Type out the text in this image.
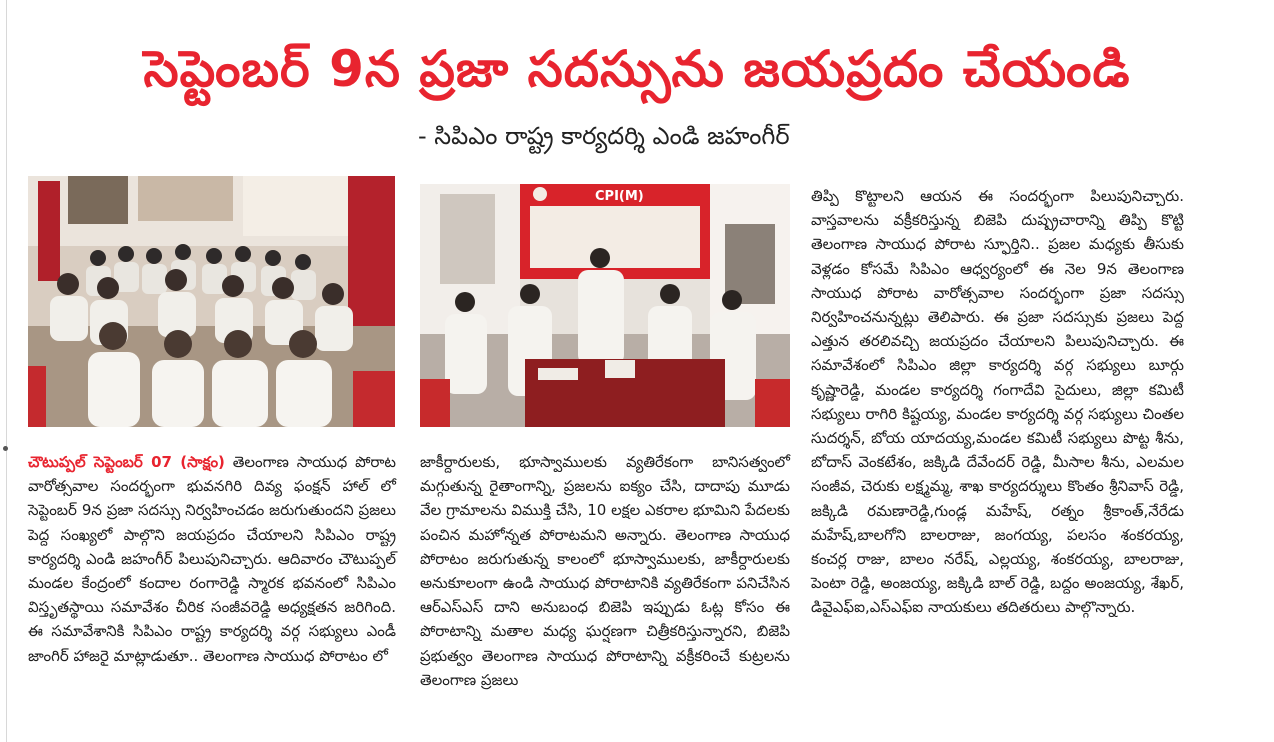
సెప్టెంబర్ 9న ప్రజా సదస్సును జయప్రదం చేయండి
- సిపిఎం రాష్ట్ర కార్యదర్శి ఎండి జహంగీర్
CPI(M)

చౌటుప్పల్ సెప్టెంబర్ 07 (సాక్షం) తెలంగాణ సాయుధ పోరాట వారోత్సవాల సందర్భంగా భువనగిరి దివ్య ఫంక్షన్ హాల్ లో సెప్టెంబర్ 9న ప్రజా సదస్సు నిర్వహించడం జరుగుతుందని ప్రజలు పెద్ద సంఖ్యలో పాల్గొని జయప్రదం చేయాలని సిపిఎం రాష్ట్ర కార్యదర్శి ఎండి జహంగీర్ పిలుపునిచ్చారు. ఆదివారం చౌటుప్పల్ మండల కేంద్రంలో కందాల రంగారెడ్డి స్మారక భవనంలో సిపిఎం విస్తృతస్థాయి సమావేశం చీరిక సంజీవరెడ్డి అధ్యక్షతన జరిగింది. ఈ సమావేశానికి సిపిఎం రాష్ట్ర కార్యదర్శి వర్గ సభ్యులు ఎండీ జాంగిర్ హాజరై మాట్లాడుతూ.. తెలంగాణ సాయుధ పోరాటం లో

జాకీర్దారులకు, భూస్వాములకు వ్యతిరేకంగా బానిసత్వంలో మగ్గుతున్న రైతాంగాన్ని, ప్రజలను ఐక్యం చేసి, దాదాపు మూడు వేల గ్రామాలను విముక్తి చేసి, 10 లక్షల ఎకరాల భూమిని పేదలకు పంచిన మహోన్నత పోరాటమని అన్నారు. తెలంగాణ సాయుధ పోరాటం జరుగుతున్న కాలంలో భూస్వాములకు, జాకీర్దారులకు అనుకూలంగా ఉండి సాయుధ పోరాటానికి వ్యతిరేకంగా పనిచేసిన ఆర్ఎస్ఎస్ దాని అనుబంధ బిజెపి ఇప్పుడు ఓట్ల కోసం ఈ పోరాటాన్ని మతాల మధ్య ఘర్షణగా చిత్రీకరిస్తున్నారని, బిజెపి ప్రభుత్వం తెలంగాణ సాయుధ పోరాటాన్ని వక్రీకరించే కుట్రలను తెలంగాణ ప్రజలు

తిప్పి కొట్టాలని ఆయన ఈ సందర్భంగా పిలుపునిచ్చారు. వాస్తవాలను వక్రీకరిస్తున్న బిజెపి దుష్ప్రచారాన్ని తిప్పి కొట్టి తెలంగాణ సాయుధ పోరాట స్ఫూర్తిని.. ప్రజల మధ్యకు తీసుకు వెళ్లడం కోసమే సిపిఎం ఆధ్వర్యంలో ఈ నెల 9న తెలంగాణ సాయుధ పోరాట వారోత్సవాల సందర్భంగా ప్రజా సదస్సు నిర్వహించనున్నట్లు తెలిపారు. ఈ ప్రజా సదస్సుకు ప్రజలు పెద్ద ఎత్తున తరలివచ్చి జయప్రదం చేయాలని పిలుపునిచ్చారు. ఈ సమావేశంలో సిపిఎం జిల్లా కార్యదర్శి వర్గ సభ్యులు బూర్గు కృష్ణారెడ్డి, మండల కార్యదర్శి గంగాదేవి సైదులు, జిల్లా కమిటీ సభ్యులు రాగిరి కిష్టయ్య, మండల కార్యదర్శి వర్గ సభ్యులు చింతల సుదర్శన్, బోయ యాదయ్య,మండల కమిటీ సభ్యులు పొట్ట శీను, బోదాస్ వెంకటేశం, జక్కిడి దేవేందర్ రెడ్డి, మీసాల శీను, ఎలమల సంజీవ, చెరుకు లక్ష్మమ్మ, శాఖ కార్యదర్శులు కొంతం శ్రీనివాస్ రెడ్డి, జక్కిడి రమణారెడ్డి,గుండ్ల మహేష్, రత్నం శ్రీకాంత్,నేరేడు మహేష్,బాలగోని బాలరాజు, జంగయ్య, పలసం శంకరయ్య, కంచర్ల రాజు, బాలం నరేష్, ఎల్లయ్య, శంకరయ్య, బాలరాజు, పెంటా రెడ్డి, అంజయ్య, జక్కిడి బాల్ రెడ్డి, బద్దం అంజయ్య, శేఖర్, డివైఎఫ్ఐ,ఎస్ఎఫ్ఐ నాయకులు తదితరులు పాల్గొన్నారు.
